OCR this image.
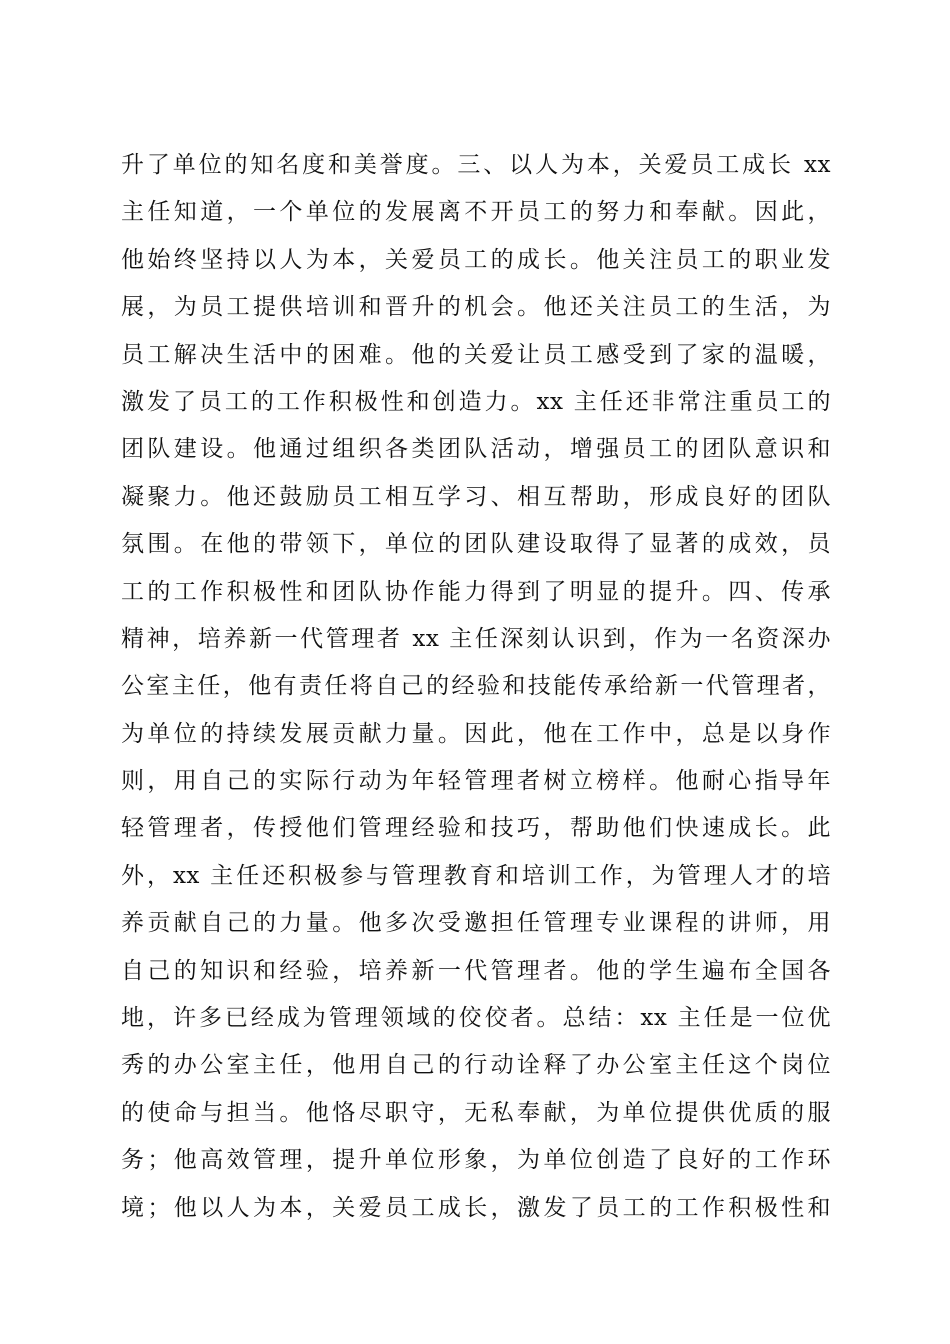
升了单位的知名度和美誉度。三、以人为本，关爱员工成长 xx
主任知道，一个单位的发展离不开员工的努力和奉献。因此，
他始终坚持以人为本，关爱员工的成长。他关注员工的职业发
展，为员工提供培训和晋升的机会。他还关注员工的生活，为
员工解决生活中的困难。他的关爱让员工感受到了家的温暖，
激发了员工的工作积极性和创造力。xx 主任还非常注重员工的
团队建设。他通过组织各类团队活动，增强员工的团队意识和
凝聚力。他还鼓励员工相互学习、相互帮助，形成良好的团队
氛围。在他的带领下，单位的团队建设取得了显著的成效，员
工的工作积极性和团队协作能力得到了明显的提升。四、传承
精神，培养新一代管理者 xx 主任深刻认识到，作为一名资深办
公室主任，他有责任将自己的经验和技能传承给新一代管理者，
为单位的持续发展贡献力量。因此，他在工作中，总是以身作
则，用自己的实际行动为年轻管理者树立榜样。他耐心指导年
轻管理者，传授他们管理经验和技巧，帮助他们快速成长。此
外，xx 主任还积极参与管理教育和培训工作，为管理人才的培
养贡献自己的力量。他多次受邀担任管理专业课程的讲师，用
自己的知识和经验，培养新一代管理者。他的学生遍布全国各
地，许多已经成为管理领域的佼佼者。总结：xx 主任是一位优
秀的办公室主任，他用自己的行动诠释了办公室主任这个岗位
的使命与担当。他恪尽职守，无私奉献，为单位提供优质的服
务；他高效管理，提升单位形象，为单位创造了良好的工作环
境；他以人为本，关爱员工成长，激发了员工的工作积极性和
